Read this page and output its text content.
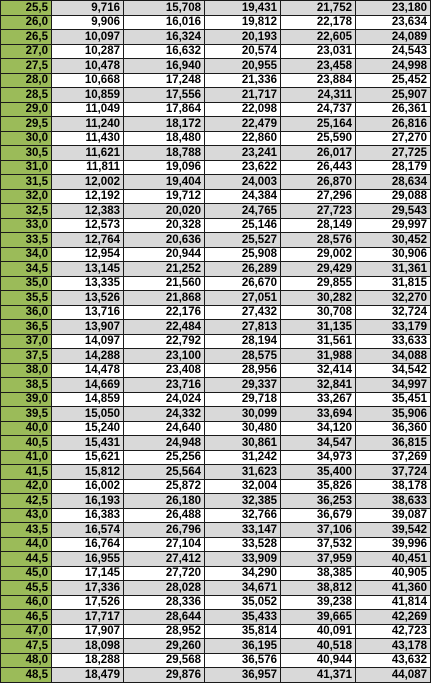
25,5	9,716	15,708	19,431	21,752	23,180
26,0	9,906	16,016	19,812	22,178	23,634
26,5	10,097	16,324	20,193	22,605	24,089
27,0	10,287	16,632	20,574	23,031	24,543
27,5	10,478	16,940	20,955	23,458	24,998
28,0	10,668	17,248	21,336	23,884	25,452
28,5	10,859	17,556	21,717	24,311	25,907
29,0	11,049	17,864	22,098	24,737	26,361
29,5	11,240	18,172	22,479	25,164	26,816
30,0	11,430	18,480	22,860	25,590	27,270
30,5	11,621	18,788	23,241	26,017	27,725
31,0	11,811	19,096	23,622	26,443	28,179
31,5	12,002	19,404	24,003	26,870	28,634
32,0	12,192	19,712	24,384	27,296	29,088
32,5	12,383	20,020	24,765	27,723	29,543
33,0	12,573	20,328	25,146	28,149	29,997
33,5	12,764	20,636	25,527	28,576	30,452
34,0	12,954	20,944	25,908	29,002	30,906
34,5	13,145	21,252	26,289	29,429	31,361
35,0	13,335	21,560	26,670	29,855	31,815
35,5	13,526	21,868	27,051	30,282	32,270
36,0	13,716	22,176	27,432	30,708	32,724
36,5	13,907	22,484	27,813	31,135	33,179
37,0	14,097	22,792	28,194	31,561	33,633
37,5	14,288	23,100	28,575	31,988	34,088
38,0	14,478	23,408	28,956	32,414	34,542
38,5	14,669	23,716	29,337	32,841	34,997
39,0	14,859	24,024	29,718	33,267	35,451
39,5	15,050	24,332	30,099	33,694	35,906
40,0	15,240	24,640	30,480	34,120	36,360
40,5	15,431	24,948	30,861	34,547	36,815
41,0	15,621	25,256	31,242	34,973	37,269
41,5	15,812	25,564	31,623	35,400	37,724
42,0	16,002	25,872	32,004	35,826	38,178
42,5	16,193	26,180	32,385	36,253	38,633
43,0	16,383	26,488	32,766	36,679	39,087
43,5	16,574	26,796	33,147	37,106	39,542
44,0	16,764	27,104	33,528	37,532	39,996
44,5	16,955	27,412	33,909	37,959	40,451
45,0	17,145	27,720	34,290	38,385	40,905
45,5	17,336	28,028	34,671	38,812	41,360
46,0	17,526	28,336	35,052	39,238	41,814
46,5	17,717	28,644	35,433	39,665	42,269
47,0	17,907	28,952	35,814	40,091	42,723
47,5	18,098	29,260	36,195	40,518	43,178
48,0	18,288	29,568	36,576	40,944	43,632
48,5	18,479	29,876	36,957	41,371	44,087
